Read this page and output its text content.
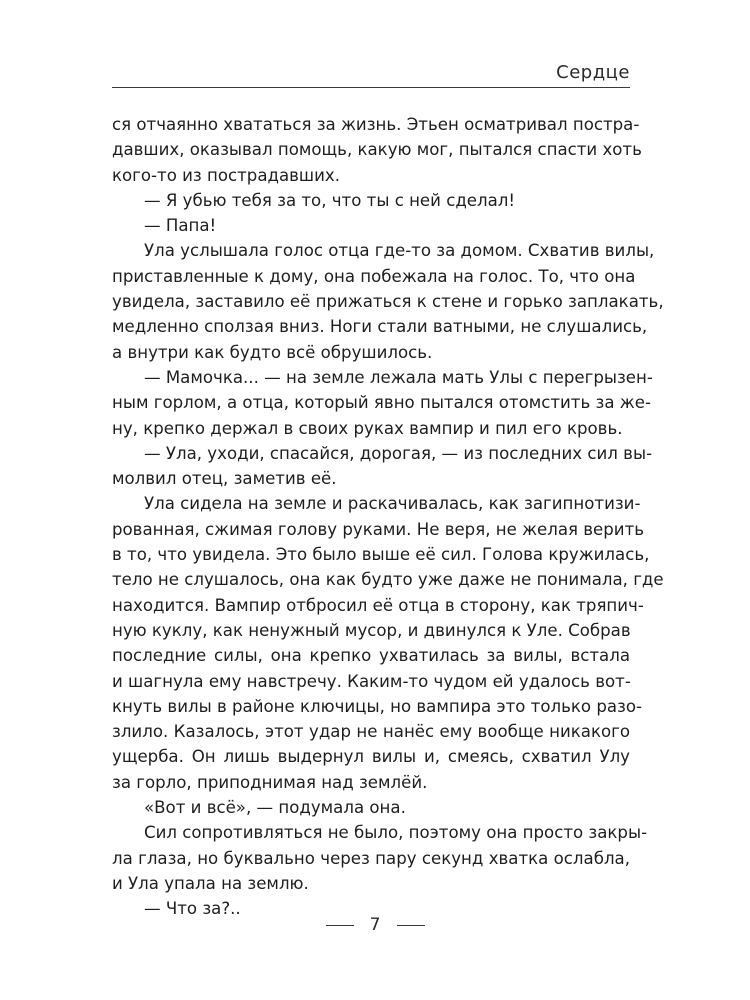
Сердце
ся отчаянно хвататься за жизнь. Этьен осматривал постра-
давших, оказывал помощь, какую мог, пытался спасти хоть
кого-то из пострадавших.
— Я убью тебя за то, что ты с ней сделал!
— Папа!
Ула услышала голос отца где-то за домом. Схватив вилы,
приставленные к дому, она побежала на голос. То, что она
увидела, заставило её прижаться к стене и горько заплакать,
медленно сползая вниз. Ноги стали ватными, не слушались,
а внутри как будто всё обрушилось.
— Мамочка... — на земле лежала мать Улы с перегрызен-
ным горлом, а отца, который явно пытался отомстить за же-
ну, крепко держал в своих руках вампир и пил его кровь.
— Ула, уходи, спасайся, дорогая, — из последних сил вы-
молвил отец, заметив её.
Ула сидела на земле и раскачивалась, как загипнотизи-
рованная, сжимая голову руками. Не веря, не желая верить
в то, что увидела. Это было выше её сил. Голова кружилась,
тело не слушалось, она как будто уже даже не понимала, где
находится. Вампир отбросил её отца в сторону, как тряпич-
ную куклу, как ненужный мусор, и двинулся к Уле. Собрав
последние силы, она крепко ухватилась за вилы, встала
и шагнула ему навстречу. Каким-то чудом ей удалось вот-
кнуть вилы в районе ключицы, но вампира это только разо-
злило. Казалось, этот удар не нанёс ему вообще никакого
ущерба. Он лишь выдернул вилы и, смеясь, схватил Улу
за горло, приподнимая над землёй.
«Вот и всё», — подумала она.
Сил сопротивляться не было, поэтому она просто закры-
ла глаза, но буквально через пару секунд хватка ослабла,
и Ула упала на землю.
— Что за?..
7
